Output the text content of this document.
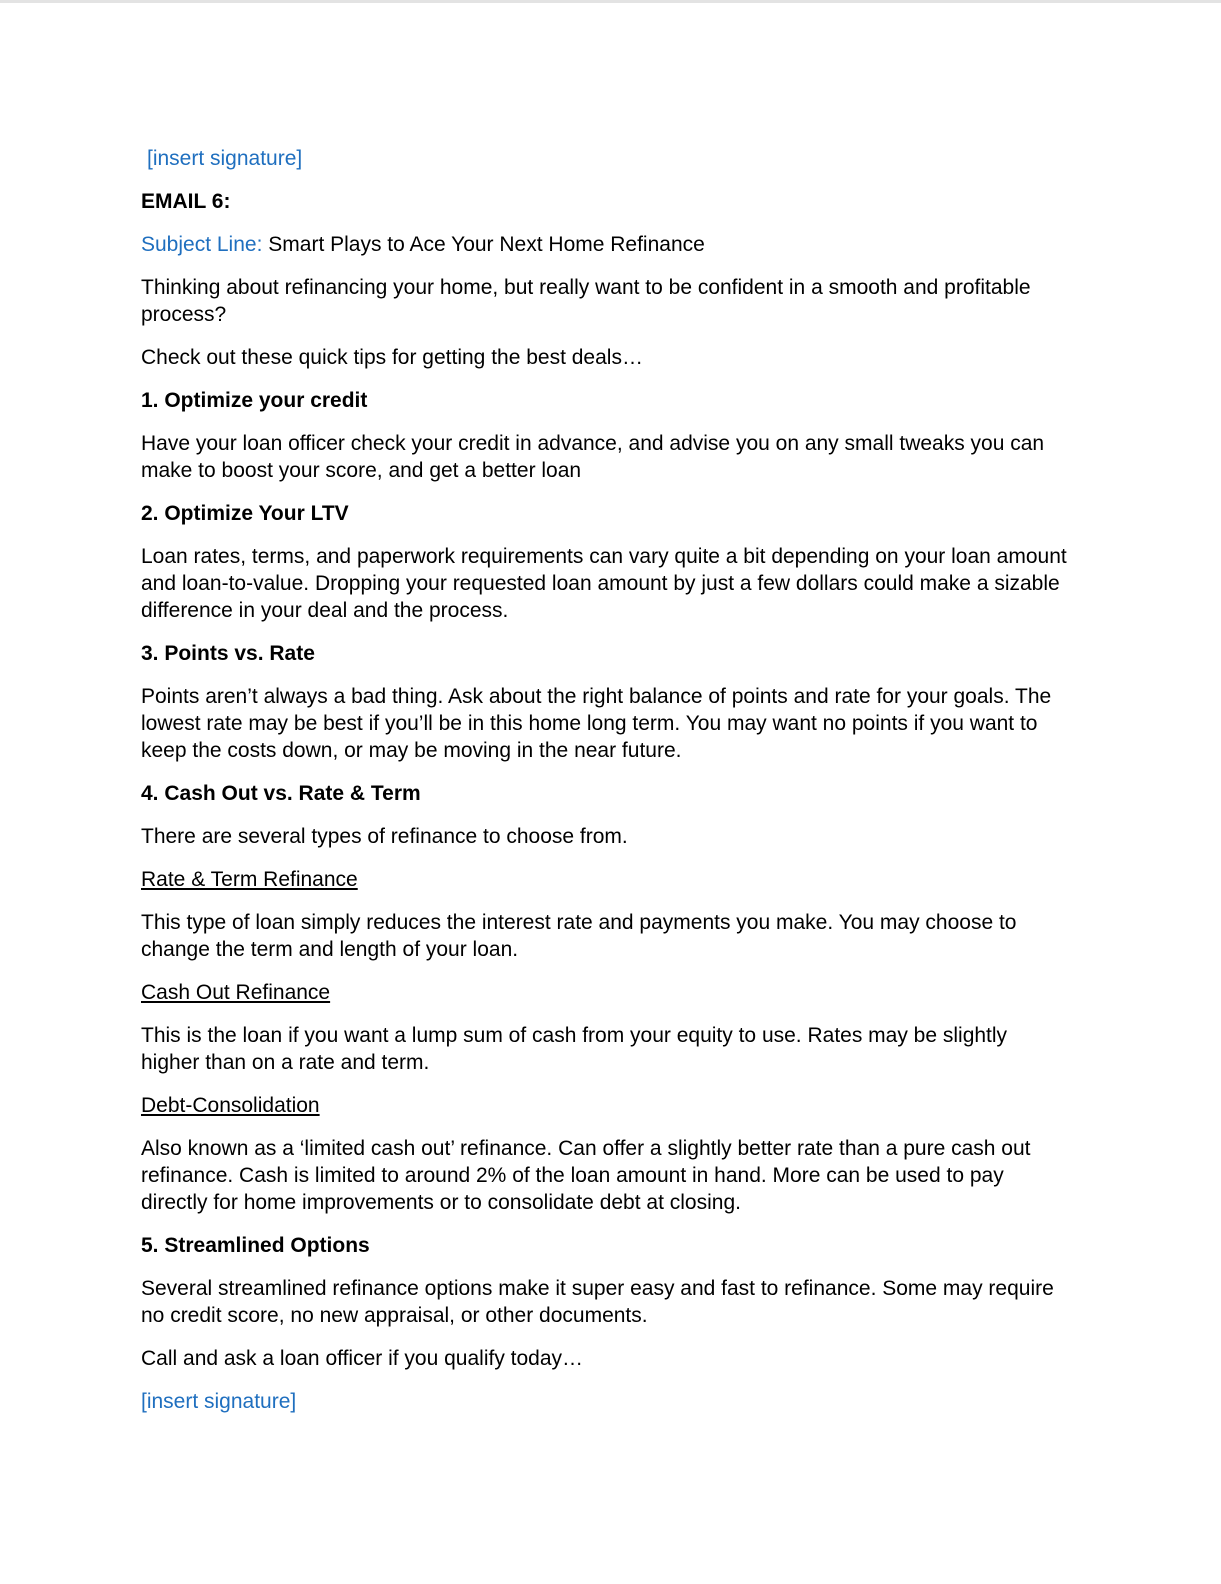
[insert signature]

EMAIL 6:

Subject Line: Smart Plays to Ace Your Next Home Refinance

Thinking about refinancing your home, but really want to be confident in a smooth and profitable process?

Check out these quick tips for getting the best deals…

1. Optimize your credit

Have your loan officer check your credit in advance, and advise you on any small tweaks you can make to boost your score, and get a better loan

2. Optimize Your LTV

Loan rates, terms, and paperwork requirements can vary quite a bit depending on your loan amount and loan-to-value. Dropping your requested loan amount by just a few dollars could make a sizable difference in your deal and the process.

3. Points vs. Rate

Points aren’t always a bad thing. Ask about the right balance of points and rate for your goals. The lowest rate may be best if you’ll be in this home long term. You may want no points if you want to keep the costs down, or may be moving in the near future.

4. Cash Out vs. Rate & Term

There are several types of refinance to choose from.

Rate & Term Refinance

This type of loan simply reduces the interest rate and payments you make. You may choose to change the term and length of your loan.

Cash Out Refinance

This is the loan if you want a lump sum of cash from your equity to use. Rates may be slightly higher than on a rate and term.

Debt-Consolidation

Also known as a ‘limited cash out’ refinance. Can offer a slightly better rate than a pure cash out refinance. Cash is limited to around 2% of the loan amount in hand. More can be used to pay directly for home improvements or to consolidate debt at closing.

5. Streamlined Options

Several streamlined refinance options make it super easy and fast to refinance. Some may require no credit score, no new appraisal, or other documents.

Call and ask a loan officer if you qualify today…

[insert signature]
